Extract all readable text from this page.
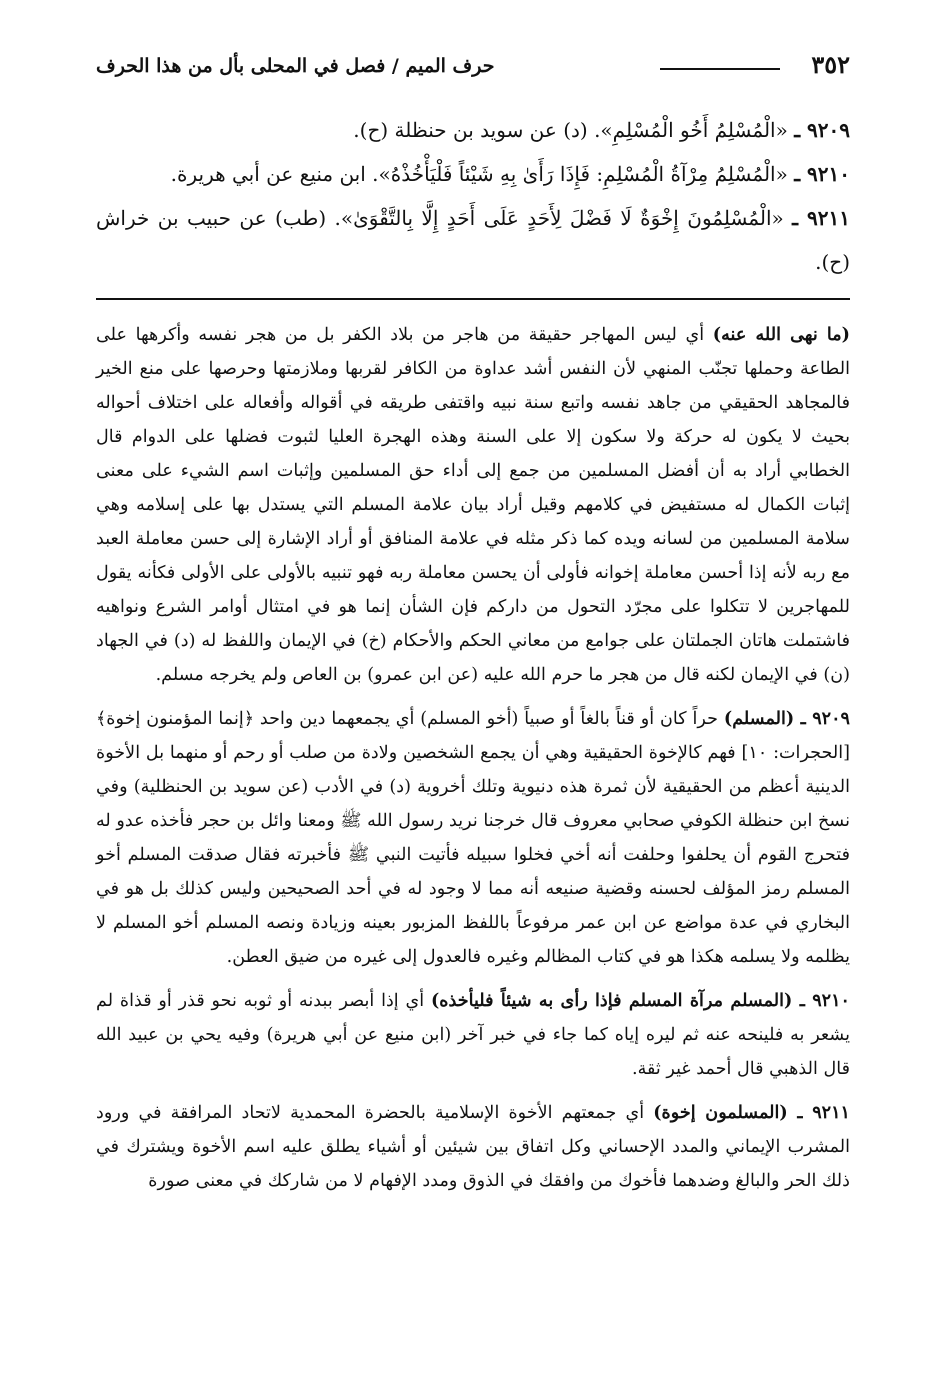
٣٥٢
حرف الميم / فصل في المحلى بأل من هذا الحرف

٩٢٠٩ ـ «الْمُسْلِمُ أَخُو الْمُسْلِمِ». (د) عن سويد بن حنظلة (ح).

٩٢١٠ ـ «الْمُسْلِمُ مِرْآةُ الْمُسْلِمِ: فَإِذَا رَأَىٰ بِهِ شَيْئاً فَلْيَأْخُذْهُ». ابن منيع عن أبي هريرة.

٩٢١١ ـ «الْمُسْلِمُونَ إِخْوَةٌ لَا فَضْلَ لِأَحَدٍ عَلَى أَحَدٍ إِلَّا بِالتَّقْوَىٰ». (طب) عن حبيب بن خراش (ح).

(ما نهى الله عنه) أي ليس المهاجر حقيقة من هاجر من بلاد الكفر بل من هجر نفسه وأكرهها على الطاعة وحملها تجنّب المنهي لأن النفس أشد عداوة من الكافر لقربها وملازمتها وحرصها على منع الخير فالمجاهد الحقيقي من جاهد نفسه واتبع سنة نبيه واقتفى طريقه في أقواله وأفعاله على اختلاف أحواله بحيث لا يكون له حركة ولا سكون إلا على السنة وهذه الهجرة العليا لثبوت فضلها على الدوام قال الخطابي أراد به أن أفضل المسلمين من جمع إلى أداء حق المسلمين وإثبات اسم الشيء على معنى إثبات الكمال له مستفيض في كلامهم وقيل أراد بيان علامة المسلم التي يستدل بها على إسلامه وهي سلامة المسلمين من لسانه ويده كما ذكر مثله في علامة المنافق أو أراد الإشارة إلى حسن معاملة العبد مع ربه لأنه إذا أحسن معاملة إخوانه فأولى أن يحسن معاملة ربه فهو تنبيه بالأولى على الأولى فكأنه يقول للمهاجرين لا تتكلوا على مجرّد التحول من داركم فإن الشأن إنما هو في امتثال أوامر الشرع ونواهيه فاشتملت هاتان الجملتان على جوامع من معاني الحكم والأحكام (خ) في الإيمان واللفظ له (د) في الجهاد (ن) في الإيمان لكنه قال من هجر ما حرم الله عليه (عن ابن عمرو) بن العاص ولم يخرجه مسلم.

٩٢٠٩ ـ (المسلم) حراً كان أو قناً بالغاً أو صبياً (أخو المسلم) أي يجمعهما دين واحد ﴿إنما المؤمنون إخوة﴾ [الحجرات: ١٠] فهم كالإخوة الحقيقية وهي أن يجمع الشخصين ولادة من صلب أو رحم أو منهما بل الأخوة الدينية أعظم من الحقيقية لأن ثمرة هذه دنيوية وتلك أخروية (د) في الأدب (عن سويد بن الحنظلية) وفي نسخ ابن حنظلة الكوفي صحابي معروف قال خرجنا نريد رسول الله ﷺ ومعنا وائل بن حجر فأخذه عدو له فتحرج القوم أن يحلفوا وحلفت أنه أخي فخلوا سبيله فأتيت النبي ﷺ فأخبرته فقال صدقت المسلم أخو المسلم رمز المؤلف لحسنه وقضية صنيعه أنه مما لا وجود له في أحد الصحيحين وليس كذلك بل هو في البخاري في عدة مواضع عن ابن عمر مرفوعاً باللفظ المزبور بعينه وزيادة ونصه المسلم أخو المسلم لا يظلمه ولا يسلمه هكذا هو في كتاب المظالم وغيره فالعدول إلى غيره من ضيق العطن.

٩٢١٠ ـ (المسلم مرآة المسلم فإذا رأى به شيئاً فليأخذه) أي إذا أبصر ببدنه أو ثوبه نحو قذر أو قذاة لم يشعر به فلينحه عنه ثم ليره إياه كما جاء في خبر آخر (ابن منيع عن أبي هريرة) وفيه يحي بن عبيد الله قال الذهبي قال أحمد غير ثقة.

٩٢١١ ـ (المسلمون إخوة) أي جمعتهم الأخوة الإسلامية بالحضرة المحمدية لاتحاد المرافقة في ورود المشرب الإيماني والمدد الإحساني وكل اتفاق بين شيئين أو أشياء يطلق عليه اسم الأخوة ويشترك في ذلك الحر والبالغ وضدهما فأخوك من وافقك في الذوق ومدد الإفهام لا من شاركك في معنى صورة
